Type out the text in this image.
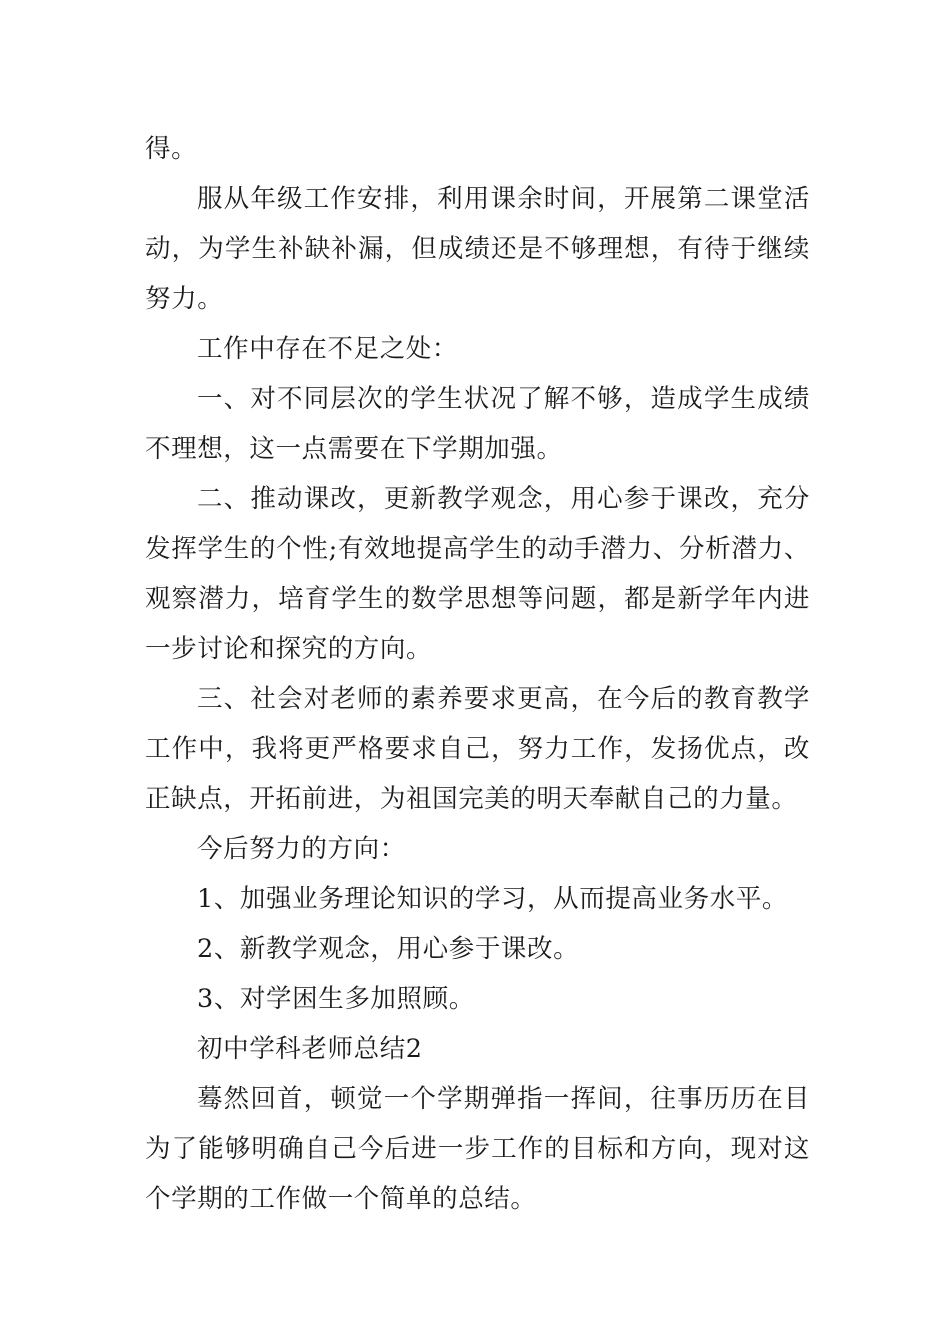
得。

服从年级工作安排，利用课余时间，开展第二课堂活动，为学生补缺补漏，但成绩还是不够理想，有待于继续努力。

工作中存在不足之处：

一、对不同层次的学生状况了解不够，造成学生成绩不理想，这一点需要在下学期加强。

二、推动课改，更新教学观念，用心参于课改，充分发挥学生的个性;有效地提高学生的动手潜力、分析潜力、观察潜力，培育学生的数学思想等问题，都是新学年内进一步讨论和探究的方向。

三、社会对老师的素养要求更高，在今后的教育教学工作中，我将更严格要求自己，努力工作，发扬优点，改正缺点，开拓前进，为祖国完美的明天奉献自己的力量。

今后努力的方向：

1、加强业务理论知识的学习，从而提高业务水平。

2、新教学观念，用心参于课改。

3、对学困生多加照顾。

初中学科老师总结2

蓦然回首，顿觉一个学期弹指一挥间，往事历历在目为了能够明确自己今后进一步工作的目标和方向，现对这个学期的工作做一个简单的总结。
